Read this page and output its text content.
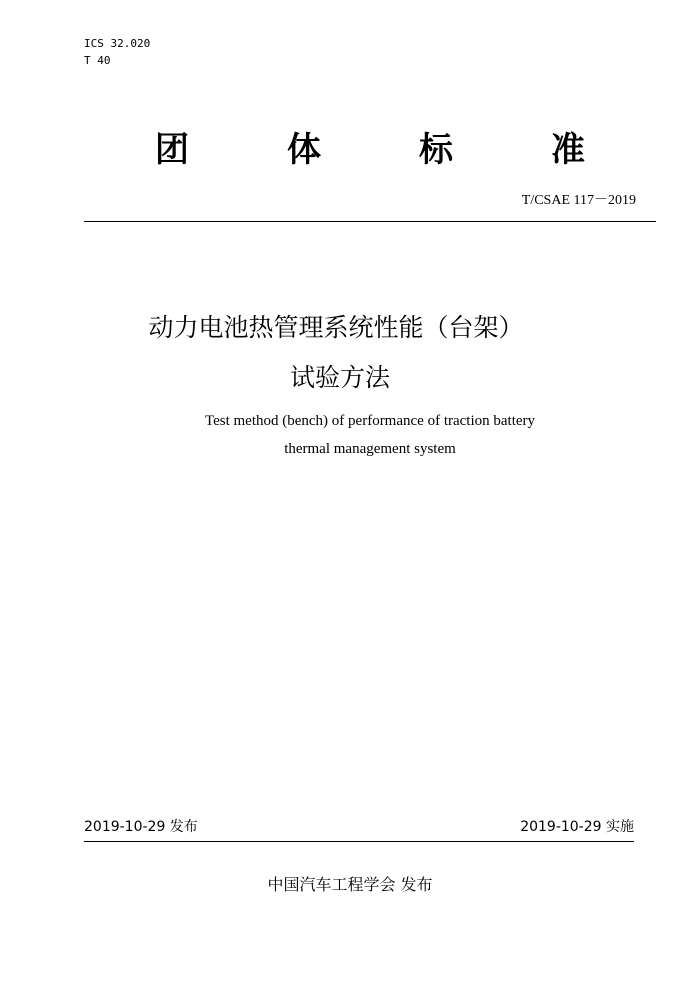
ICS 32.020
T 40
团	体	标	准
T/CSAE 117－2019
动力电池热管理系统性能（台架）
试验方法
Test method (bench) of performance of traction battery
thermal management system
2019-10-29 发布	2019-10-29 实施
中国汽车工程学会 发布
